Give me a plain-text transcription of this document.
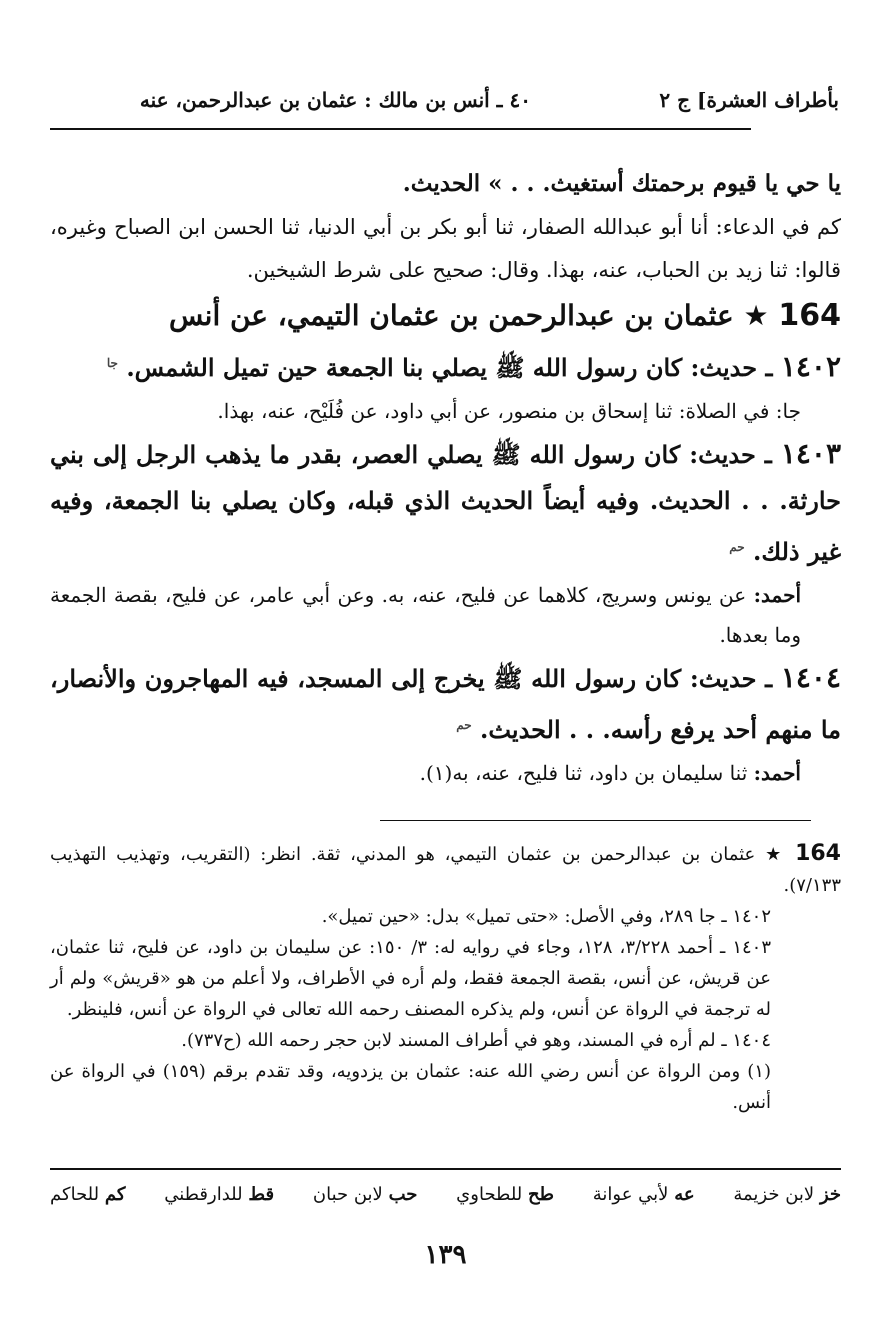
بأطراف العشرة] ج ٢
٤٠ ـ أنس بن مالك : عثمان بن عبدالرحمن، عنه
يا حي يا قيوم برحمتك أستغيث. . . » الحديث.
كم في الدعاء: أنا أبو عبدالله الصفار، ثنا أبو بكر بن أبي الدنيا، ثنا الحسن ابن الصباح وغيره، قالوا: ثنا زيد بن الحباب، عنه، بهذا. وقال: صحيح على شرط الشيخين.
164 ★ عثمان بن عبدالرحمن بن عثمان التيمي، عن أنس
١٤٠٢ ـ حديث: كان رسول الله ﷺ يصلي بنا الجمعة حين تميل الشمس. $^{جا}$
جا: في الصلاة: ثنا إسحاق بن منصور، عن أبي داود، عن فُلَيْح، عنه، بهذا.
١٤٠٣ ـ حديث: كان رسول الله ﷺ يصلي العصر، بقدر ما يذهب الرجل إلى بني حارثة. . . الحديث. وفيه أيضاً الحديث الذي قبله، وكان يصلي بنا الجمعة، وفيه غير ذلك. $^{حم}$
أحمد: عن يونس وسريج، كلاهما عن فليح، عنه، به. وعن أبي عامر، عن فليح، بقصة الجمعة وما بعدها.
١٤٠٤ ـ حديث: كان رسول الله ﷺ يخرج إلى المسجد، فيه المهاجرون والأنصار، ما منهم أحد يرفع رأسه. . . الحديث. $^{حم}$
أحمد: ثنا سليمان بن داود، ثنا فليح، عنه، به(١).
164 ★ عثمان بن عبدالرحمن بن عثمان التيمي، هو المدني، ثقة. انظر: (التقريب، وتهذيب التهذيب ٧/١٣٣).
١٤٠٢ ـ جا ٢٨٩، وفي الأصل: «حتى تميل» بدل: «حين تميل».
١٤٠٣ ـ أحمد ٣/٢٢٨، ١٢٨، وجاء في روايه له: ٣/ ١٥٠: عن سليمان بن داود، عن فليح، ثنا عثمان، عن قريش، عن أنس، بقصة الجمعة فقط، ولم أره في الأطراف، ولا أعلم من هو «قريش» ولم أر له ترجمة في الرواة عن أنس، ولم يذكره المصنف رحمه الله تعالى في الرواة عن أنس، فلينظر.
١٤٠٤ ـ لم أره في المسند، وهو في أطراف المسند لابن حجر رحمه الله (ح٧٣٧).
(١) ومن الرواة عن أنس رضي الله عنه: عثمان بن يزدويه، وقد تقدم برقم (١٥٩) في الرواة عن أنس.
خز لابن خزيمة
عه لأبي عوانة
طح للطحاوي
حب لابن حبان
قط للدارقطني
كم للحاكم
١٣٩
